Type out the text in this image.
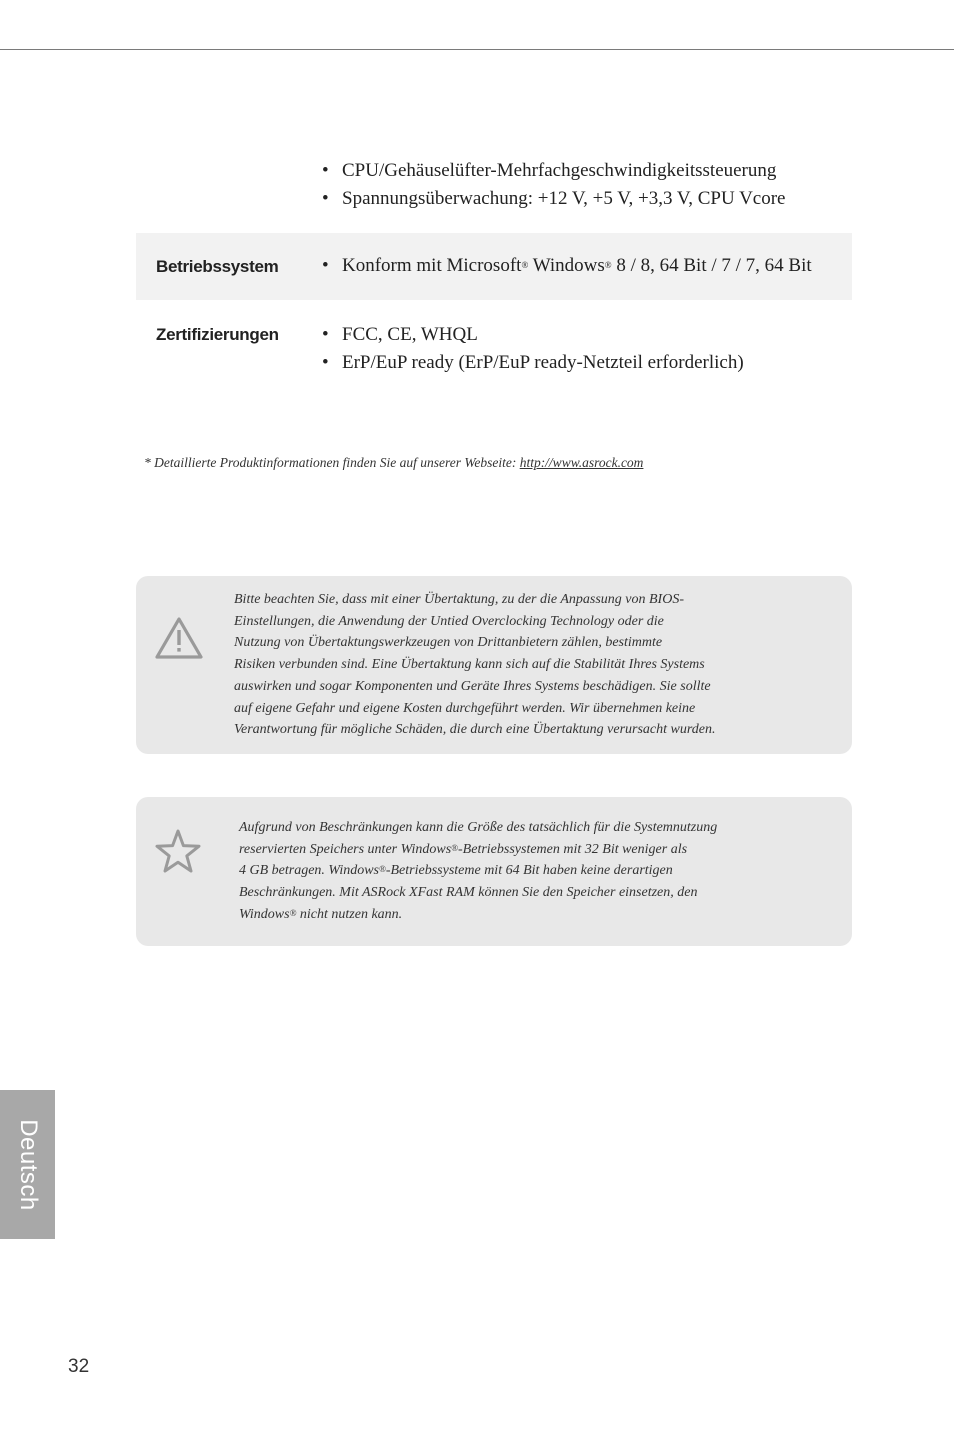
• CPU/Gehäuselüfter-Mehrfachgeschwindigkeitssteuerung
• Spannungsüberwachung: +12 V, +5 V, +3,3 V, CPU Vcore
Betriebssystem	• Konform mit Microsoft® Windows® 8 / 8, 64 Bit / 7 / 7, 64 Bit
Zertifizierungen	• FCC, CE, WHQL
• ErP/EuP ready (ErP/EuP ready-Netzteil erforderlich)
* Detaillierte Produktinformationen finden Sie auf unserer Webseite: http://www.asrock.com
Bitte beachten Sie, dass mit einer Übertaktung, zu der die Anpassung von BIOS-
Einstellungen, die Anwendung der Untied Overclocking Technology oder die
Nutzung von Übertaktungswerkzeugen von Drittanbietern zählen, bestimmte
Risiken verbunden sind. Eine Übertaktung kann sich auf die Stabilität Ihres Systems
auswirken und sogar Komponenten und Geräte Ihres Systems beschädigen. Sie sollte
auf eigene Gefahr und eigene Kosten durchgeführt werden. Wir übernehmen keine
Verantwortung für mögliche Schäden, die durch eine Übertaktung verursacht wurden.
Aufgrund von Beschränkungen kann die Größe des tatsächlich für die Systemnutzung
reservierten Speichers unter Windows®-Betriebssystemen mit 32 Bit weniger als
4 GB betragen. Windows®-Betriebssysteme mit 64 Bit haben keine derartigen
Beschränkungen. Mit ASRock XFast RAM können Sie den Speicher einsetzen, den
Windows® nicht nutzen kann.
Deutsch
32
